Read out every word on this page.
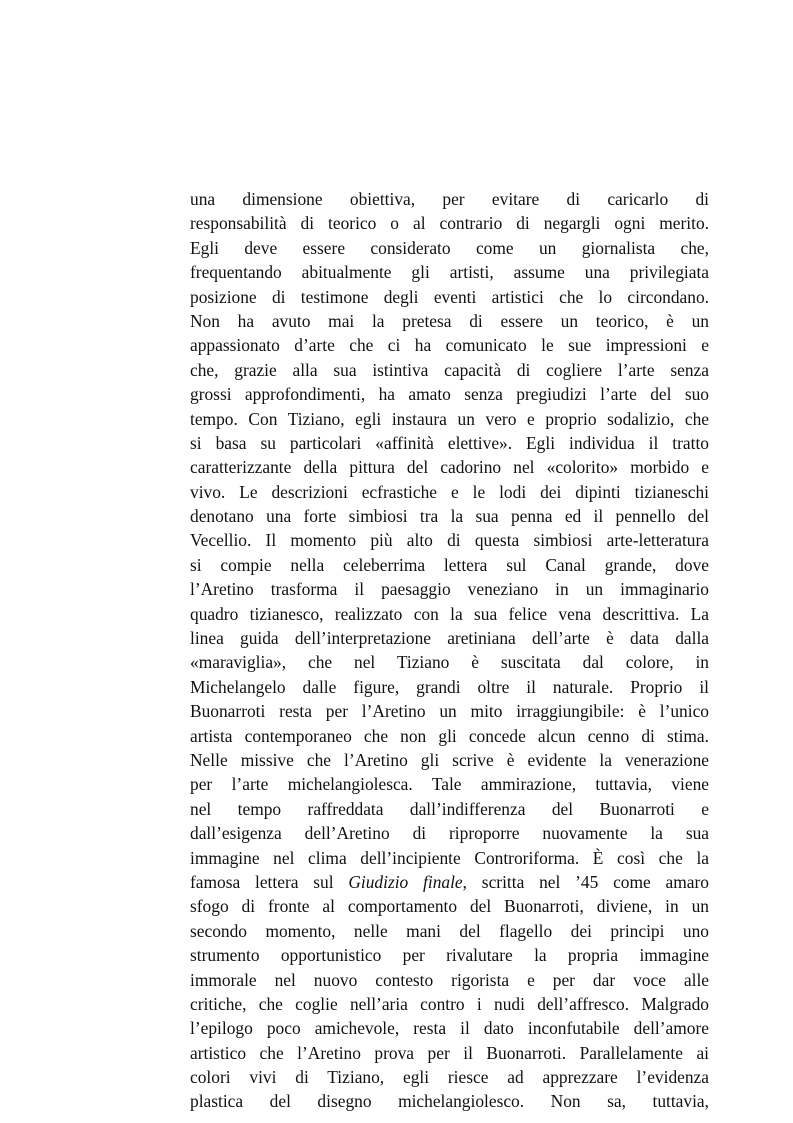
una dimensione obiettiva, per evitare di caricarlo di
responsabilità di teorico o al contrario di negargli ogni merito.
Egli deve essere considerato come un giornalista che,
frequentando abitualmente gli artisti, assume una privilegiata
posizione di testimone degli eventi artistici che lo circondano.
Non ha avuto mai la pretesa di essere un teorico, è un
appassionato d’arte che ci ha comunicato le sue impressioni e
che, grazie alla sua istintiva capacità di cogliere l’arte senza
grossi approfondimenti, ha amato senza pregiudizi l’arte del suo
tempo. Con Tiziano, egli instaura un vero e proprio sodalizio, che
si basa su particolari «affinità elettive». Egli individua il tratto
caratterizzante della pittura del cadorino nel «colorito» morbido e
vivo. Le descrizioni ecfrastiche e le lodi dei dipinti tizianeschi
denotano una forte simbiosi tra la sua penna ed il pennello del
Vecellio. Il momento più alto di questa simbiosi arte-letteratura
si compie nella celeberrima lettera sul Canal grande, dove
l’Aretino trasforma il paesaggio veneziano in un immaginario
quadro tizianesco, realizzato con la sua felice vena descrittiva. La
linea guida dell’interpretazione aretiniana dell’arte è data dalla
«maraviglia», che nel Tiziano è suscitata dal colore, in
Michelangelo dalle figure, grandi oltre il naturale. Proprio il
Buonarroti resta per l’Aretino un mito irraggiungibile: è l’unico
artista contemporaneo che non gli concede alcun cenno di stima.
Nelle missive che l’Aretino gli scrive è evidente la venerazione
per l’arte michelangiolesca. Tale ammirazione, tuttavia, viene
nel tempo raffreddata dall’indifferenza del Buonarroti e
dall’esigenza dell’Aretino di riproporre nuovamente la sua
immagine nel clima dell’incipiente Controriforma. È così che la
famosa lettera sul Giudizio finale, scritta nel ’45 come amaro
sfogo di fronte al comportamento del Buonarroti, diviene, in un
secondo momento, nelle mani del flagello dei principi uno
strumento opportunistico per rivalutare la propria immagine
immorale nel nuovo contesto rigorista e per dar voce alle
critiche, che coglie nell’aria contro i nudi dell’affresco. Malgrado
l’epilogo poco amichevole, resta il dato inconfutabile dell’amore
artistico che l’Aretino prova per il Buonarroti. Parallelamente ai
colori vivi di Tiziano, egli riesce ad apprezzare l’evidenza
plastica del disegno michelangiolesco. Non sa, tuttavia,
